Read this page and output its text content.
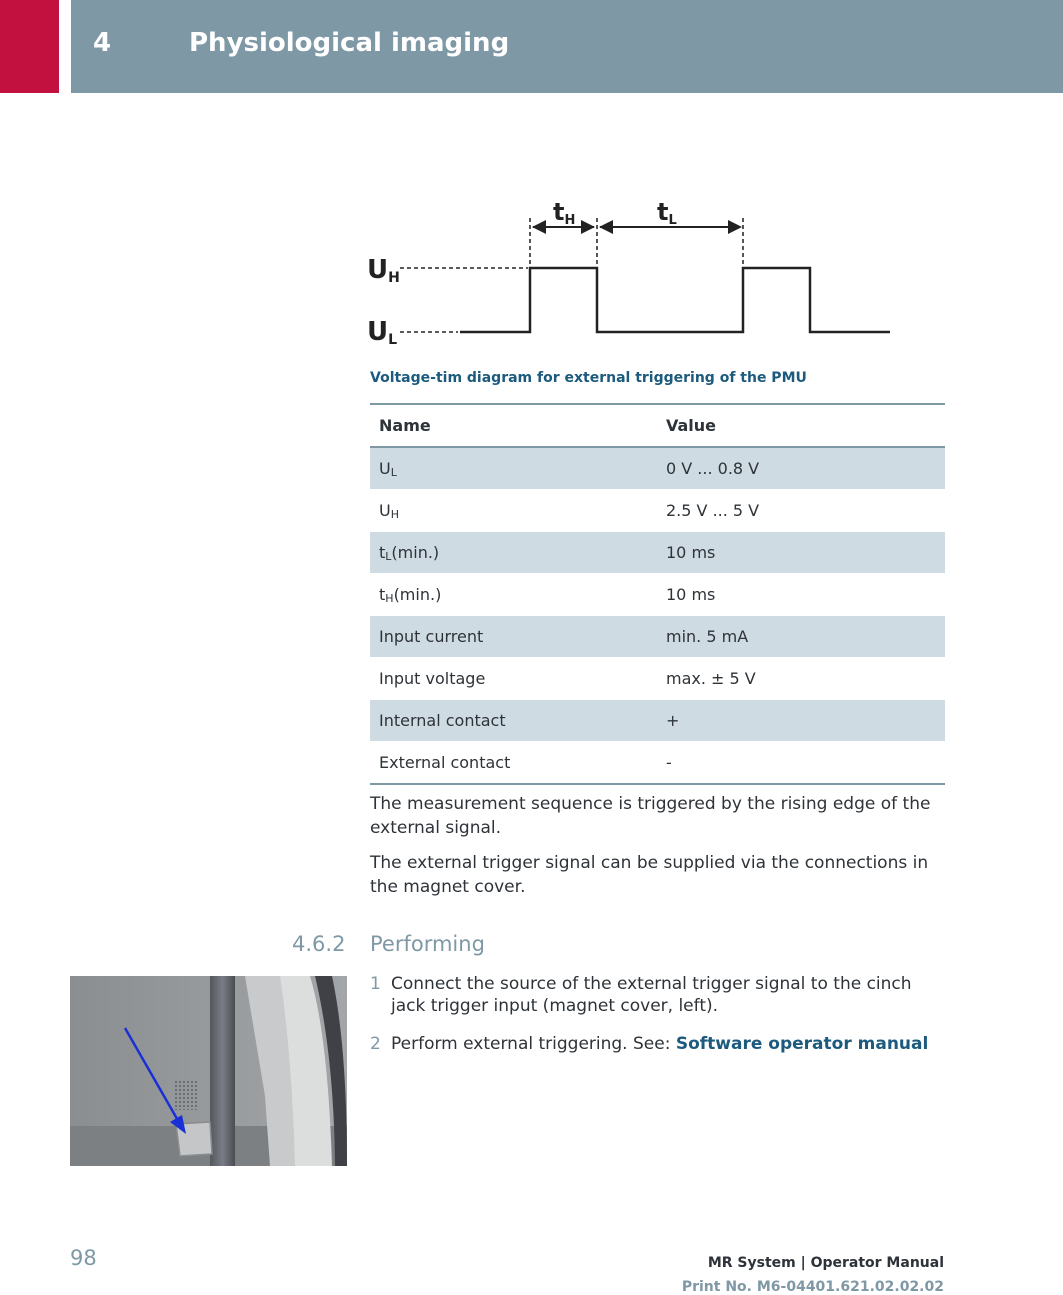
4	Physiological imaging
UH
UL
tH	tL
Voltage-tim diagram for external triggering of the PMU
Name	Value
$U_L$	0 V ... 0.8 V
$U_H$	2.5 V ... 5 V
$t_L(\min.)$	10 ms
$t_H(\min.)$	10 ms
Input current	min. 5 mA
Input voltage	max. ± 5 V
Internal contact	+
External contact	-

The measurement sequence is triggered by the rising edge of the external signal.

The external trigger signal can be supplied via the connections in the magnet cover.

4.6.2 Performing
1 Connect the source of the external trigger signal to the cinch jack trigger input (magnet cover, left).
2 Perform external triggering. See: Software operator manual
98	MR System | Operator Manual
Print No. M6-04401.621.02.02.02
